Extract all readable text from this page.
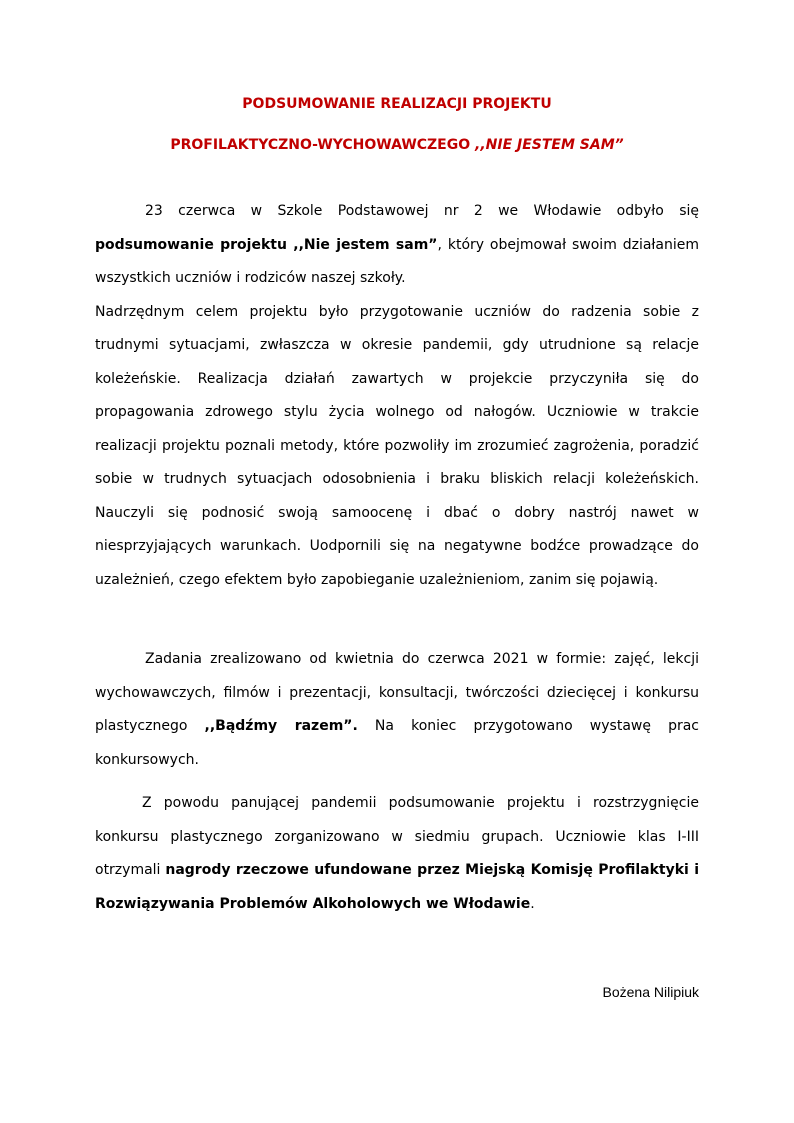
PODSUMOWANIE REALIZACJI PROJEKTU
PROFILAKTYCZNO-WYCHOWAWCZEGO ,,NIE JESTEM SAM”
23 czerwca w Szkole Podstawowej nr 2 we Włodawie odbyło się podsumowanie projektu ,,Nie jestem sam”, który obejmował swoim działaniem wszystkich uczniów i rodziców naszej szkoły.
Nadrzędnym celem projektu było przygotowanie uczniów do radzenia sobie z trudnymi sytuacjami, zwłaszcza w okresie pandemii, gdy utrudnione są relacje koleżeńskie. Realizacja działań zawartych w projekcie przyczyniła się do propagowania zdrowego stylu życia wolnego od nałogów. Uczniowie w trakcie realizacji projektu poznali metody, które pozwoliły im zrozumieć zagrożenia, poradzić sobie w trudnych sytuacjach odosobnienia i braku bliskich relacji koleżeńskich. Nauczyli się podnosić swoją samoocenę i dbać o dobry nastrój nawet w niesprzyjających warunkach. Uodpornili się na negatywne bodźce prowadzące do uzależnień, czego efektem było zapobieganie uzależnieniom, zanim się pojawią.
Zadania zrealizowano od kwietnia do czerwca 2021 w formie: zajęć, lekcji wychowawczych, filmów i prezentacji, konsultacji, twórczości dziecięcej i konkursu plastycznego ,,Bądźmy razem”. Na koniec przygotowano wystawę prac konkursowych.
Z powodu panującej pandemii podsumowanie projektu i rozstrzygnięcie konkursu plastycznego zorganizowano w siedmiu grupach. Uczniowie klas I-III otrzymali nagrody rzeczowe ufundowane przez Miejską Komisję Profilaktyki i Rozwiązywania Problemów Alkoholowych we Włodawie.
Bożena Nilipiuk
